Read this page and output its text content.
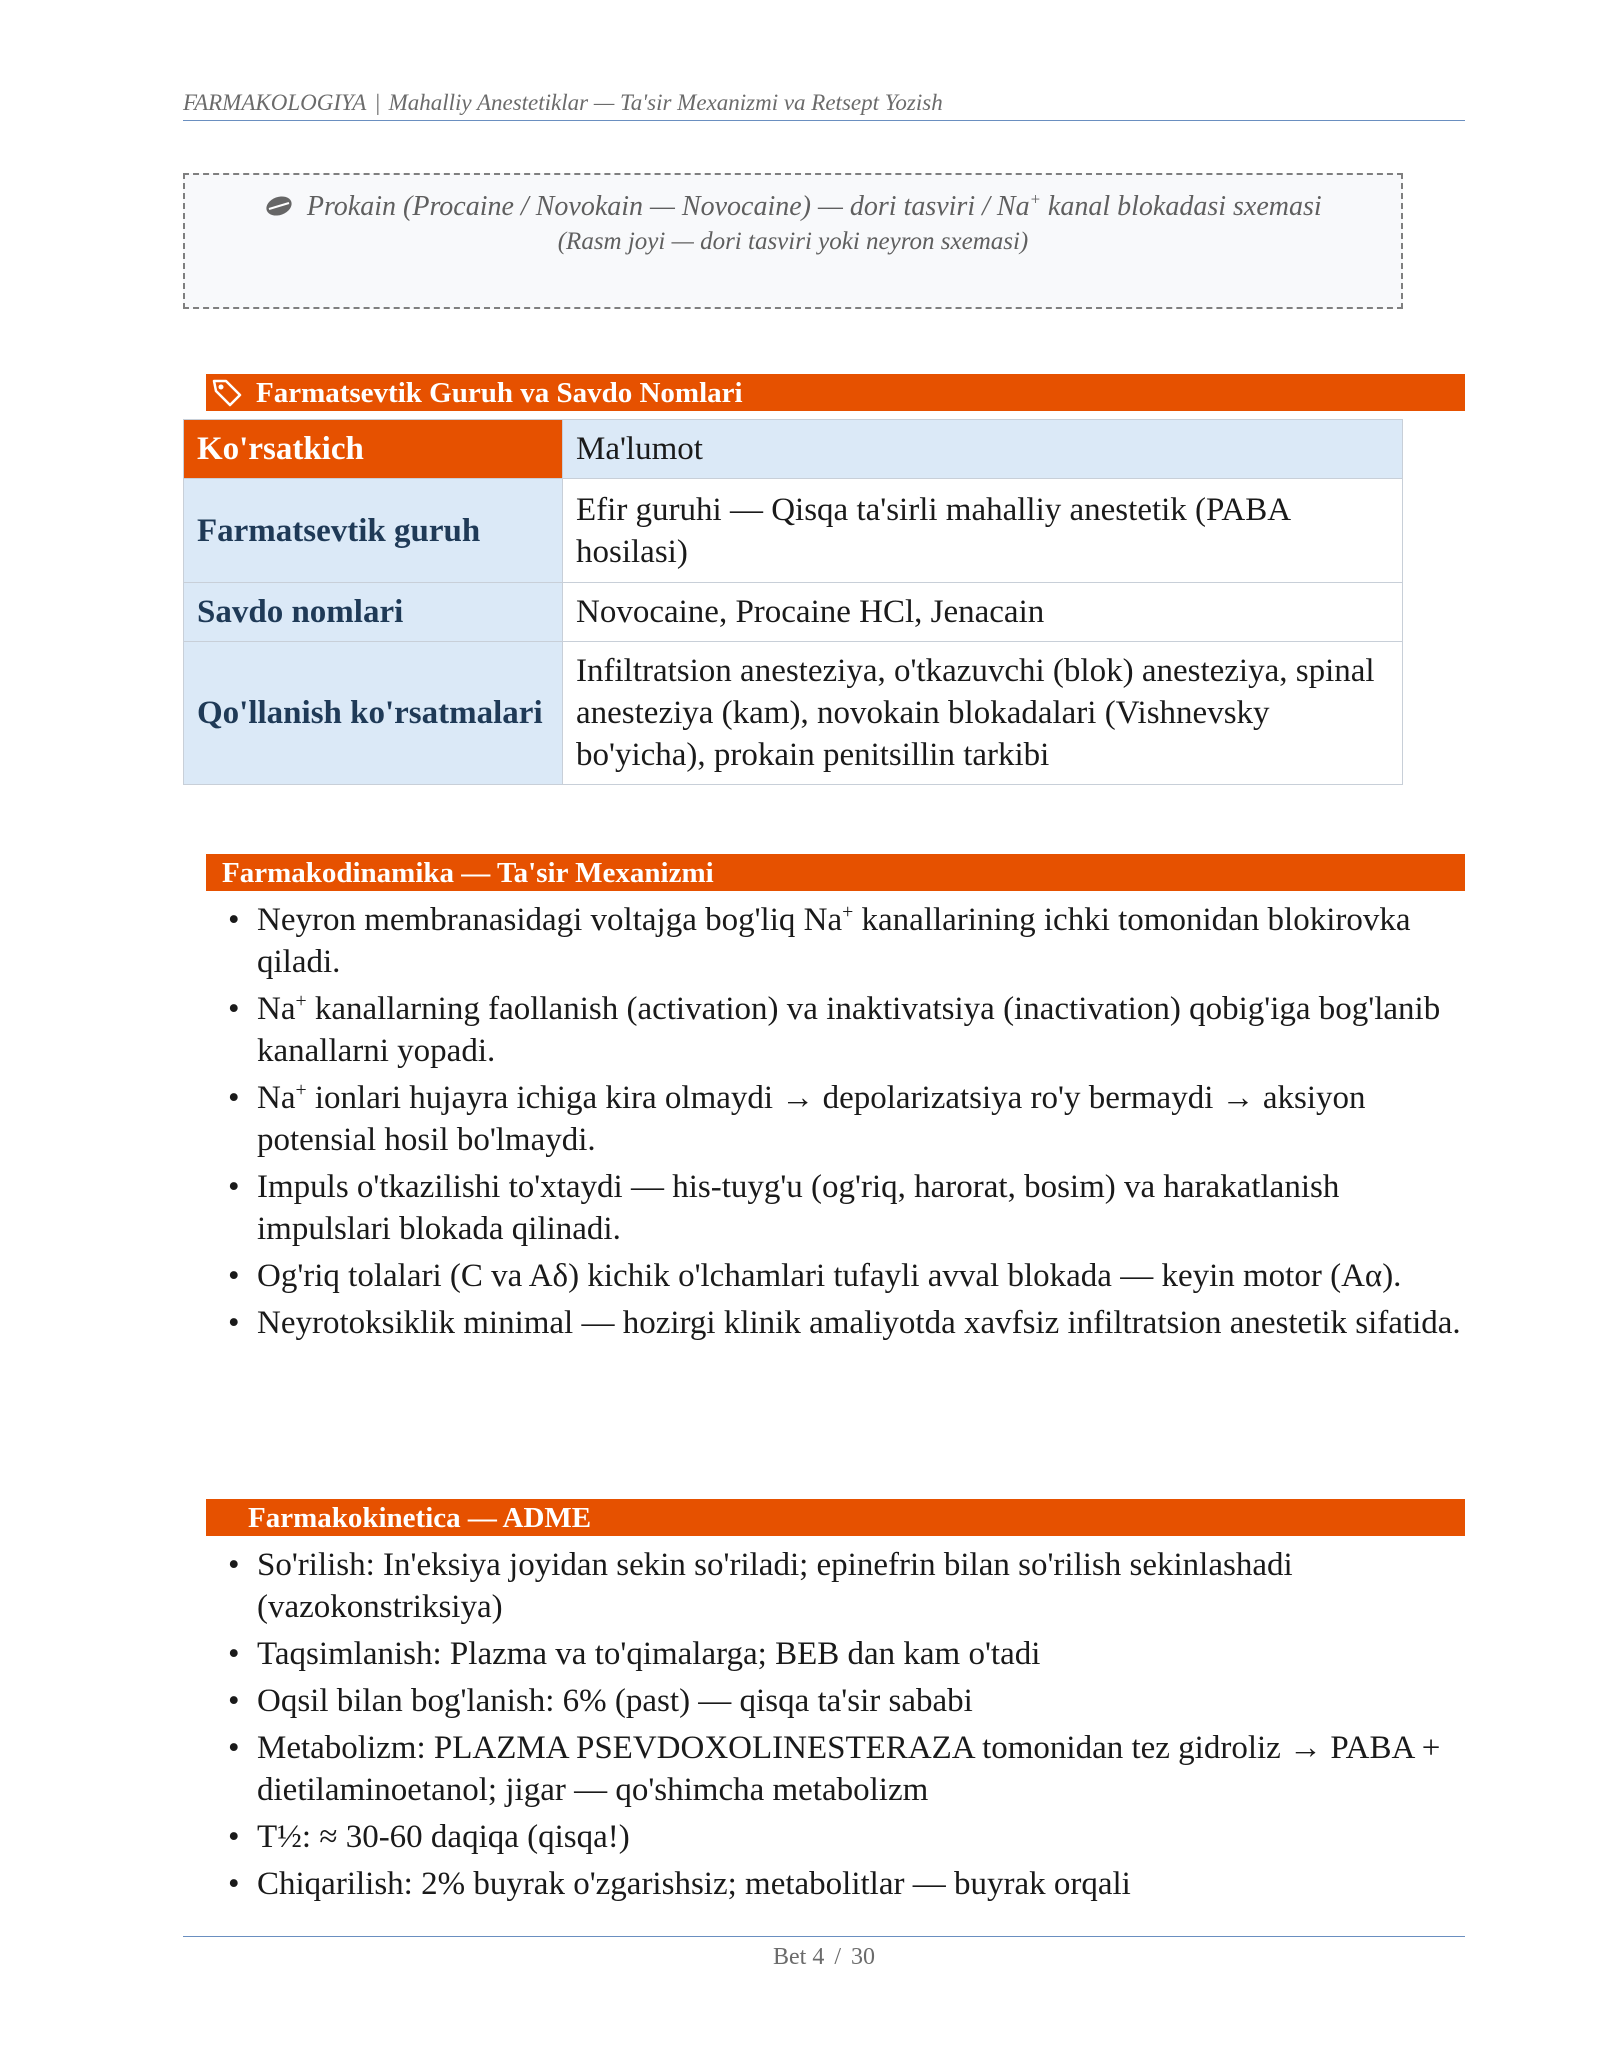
FARMAKOLOGIYA | Mahalliy Anestetiklar — Ta'sir Mexanizmi va Retsept Yozish
Prokain (Procaine / Novokain — Novocaine) — dori tasviri / Na+ kanal blokadasi sxemasi
(Rasm joyi — dori tasviri yoki neyron sxemasi)
Farmatsevtik Guruh va Savdo Nomlari
Ko'rsatkich	Ma'lumot
Farmatsevtik guruh	Efir guruhi — Qisqa ta'sirli mahalliy anestetik (PABA hosilasi)
Savdo nomlari	Novocaine, Procaine HCl, Jenacain
Qo'llanish ko'rsatmalari	Infiltratsion anesteziya, o'tkazuvchi (blok) anesteziya, spinal anesteziya (kam), novokain blokadalari (Vishnevsky bo'yicha), prokain penitsillin tarkibi
Farmakodinamika — Ta'sir Mexanizmi
• Neyron membranasidagi voltajga bog'liq Na+ kanallarining ichki tomonidan blokirovka qiladi.
• Na+ kanallarning faollanish (activation) va inaktivatsiya (inactivation) qobig'iga bog'lanib kanallarni yopadi.
• Na+ ionlari hujayra ichiga kira olmaydi → depolarizatsiya ro'y bermaydi → aksiyon potensial hosil bo'lmaydi.
• Impuls o'tkazilishi to'xtaydi — his-tuyg'u (og'riq, harorat, bosim) va harakatlanish impulslari blokada qilinadi.
• Og'riq tolalari (C va Aδ) kichik o'lchamlari tufayli avval blokada — keyin motor (Aα).
• Neyrotoksiklik minimal — hozirgi klinik amaliyotda xavfsiz infiltratsion anestetik sifatida.
Farmakokinetica — ADME
• So'rilish: In'eksiya joyidan sekin so'riladi; epinefrin bilan so'rilish sekinlashadi (vazokonstriksiya)
• Taqsimlanish: Plazma va to'qimalarga; BEB dan kam o'tadi
• Oqsil bilan bog'lanish: 6% (past) — qisqa ta'sir sababi
• Metabolizm: PLAZMA PSEVDOXOLINESTERAZA tomonidan tez gidroliz → PABA + dietilaminoetanol; jigar — qo'shimcha metabolizm
• T½: ≈ 30-60 daqiqa (qisqa!)
• Chiqarilish: 2% buyrak o'zgarishsiz; metabolitlar — buyrak orqali
Bet 4 / 30
